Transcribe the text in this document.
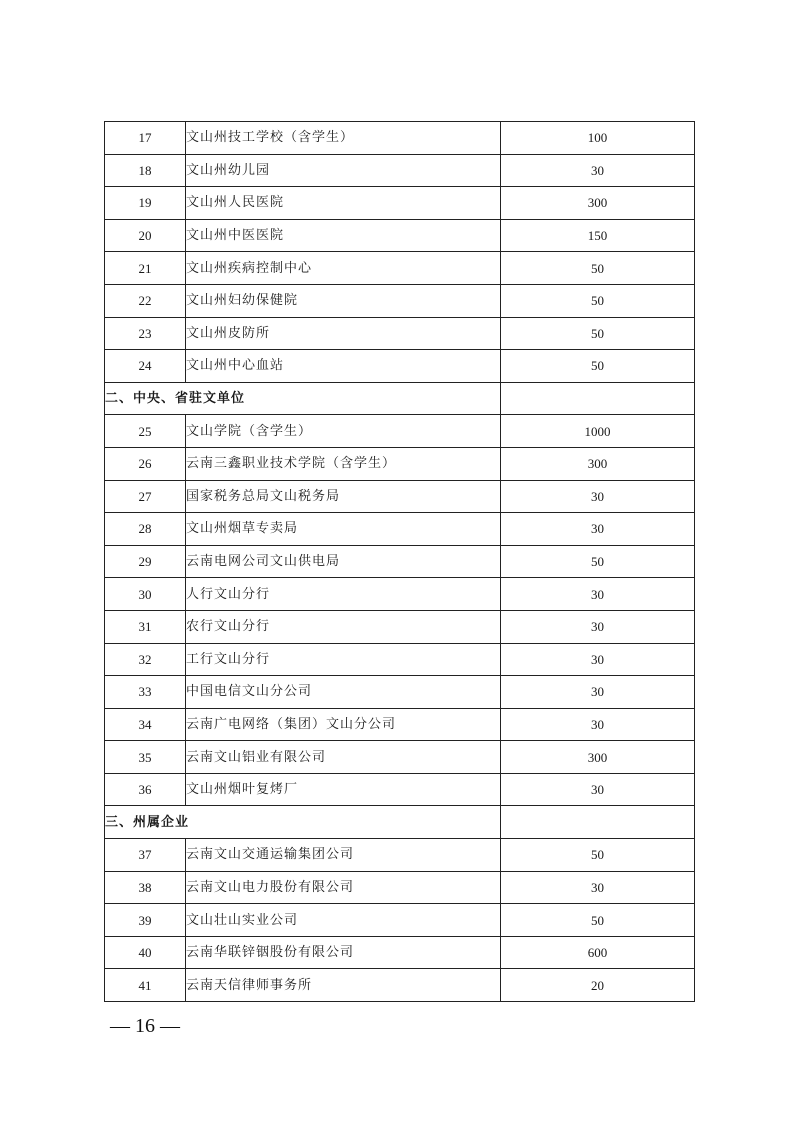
17	文山州技工学校（含学生）	100
18	文山州幼儿园	30
19	文山州人民医院	300
20	文山州中医医院	150
21	文山州疾病控制中心	50
22	文山州妇幼保健院	50
23	文山州皮防所	50
24	文山州中心血站	50
二、中央、省驻文单位		
25	文山学院（含学生）	1000
26	云南三鑫职业技术学院（含学生）	300
27	国家税务总局文山税务局	30
28	文山州烟草专卖局	30
29	云南电网公司文山供电局	50
30	人行文山分行	30
31	农行文山分行	30
32	工行文山分行	30
33	中国电信文山分公司	30
34	云南广电网络（集团）文山分公司	30
35	云南文山铝业有限公司	300
36	文山州烟叶复烤厂	30
三、州属企业		
37	云南文山交通运输集团公司	50
38	云南文山电力股份有限公司	30
39	文山壮山实业公司	50
40	云南华联锌铟股份有限公司	600
41	云南天信律师事务所	20
— 16 —
